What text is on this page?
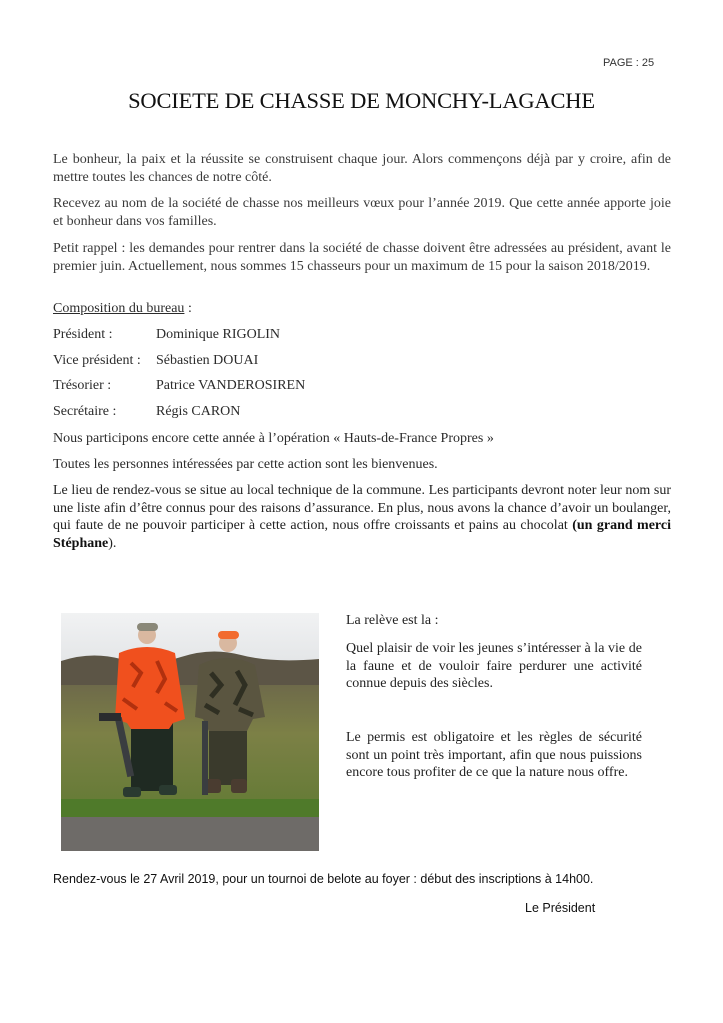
PAGE : 25
SOCIETE DE CHASSE DE MONCHY-LAGACHE

Le bonheur, la paix et la réussite se construisent chaque jour. Alors commençons déjà par y croire, afin de mettre toutes les chances de notre côté.

Recevez au nom de la société de chasse nos meilleurs vœux pour l’année 2019. Que cette année apporte joie et bonheur dans vos familles.

Petit rappel : les demandes pour rentrer dans la société de chasse doivent être adressées au président, avant le premier juin. Actuellement, nous sommes 15 chasseurs pour un maximum de 15 pour la saison 2018/2019.

Composition du bureau :
Président :	Dominique RIGOLIN
Vice président : Sébastien DOUAI
Trésorier :	Patrice VANDEROSIREN
Secrétaire :	Régis CARON

Nous participons encore cette année à l’opération « Hauts-de-France Propres »

Toutes les personnes intéressées par cette action sont les bienvenues.

Le lieu de rendez-vous se situe au local technique de la commune. Les participants devront noter leur nom sur une liste afin d’être connus pour des raisons d’assurance. En plus, nous avons la chance d’avoir un boulanger, qui faute de ne pouvoir participer à cette action, nous offre croissants et pains au chocolat (un grand merci Stéphane).

La relève est la :

Quel plaisir de voir les jeunes s’intéresser à la vie de la faune et de vouloir faire perdurer une activité connue depuis des siècles.

Le permis est obligatoire et les règles de sécurité sont un point très important, afin que nous puissions encore tous profiter de ce que la nature nous offre.

Rendez-vous le 27 Avril 2019, pour un tournoi de belote au foyer : début des inscriptions à 14h00.
Le Président
